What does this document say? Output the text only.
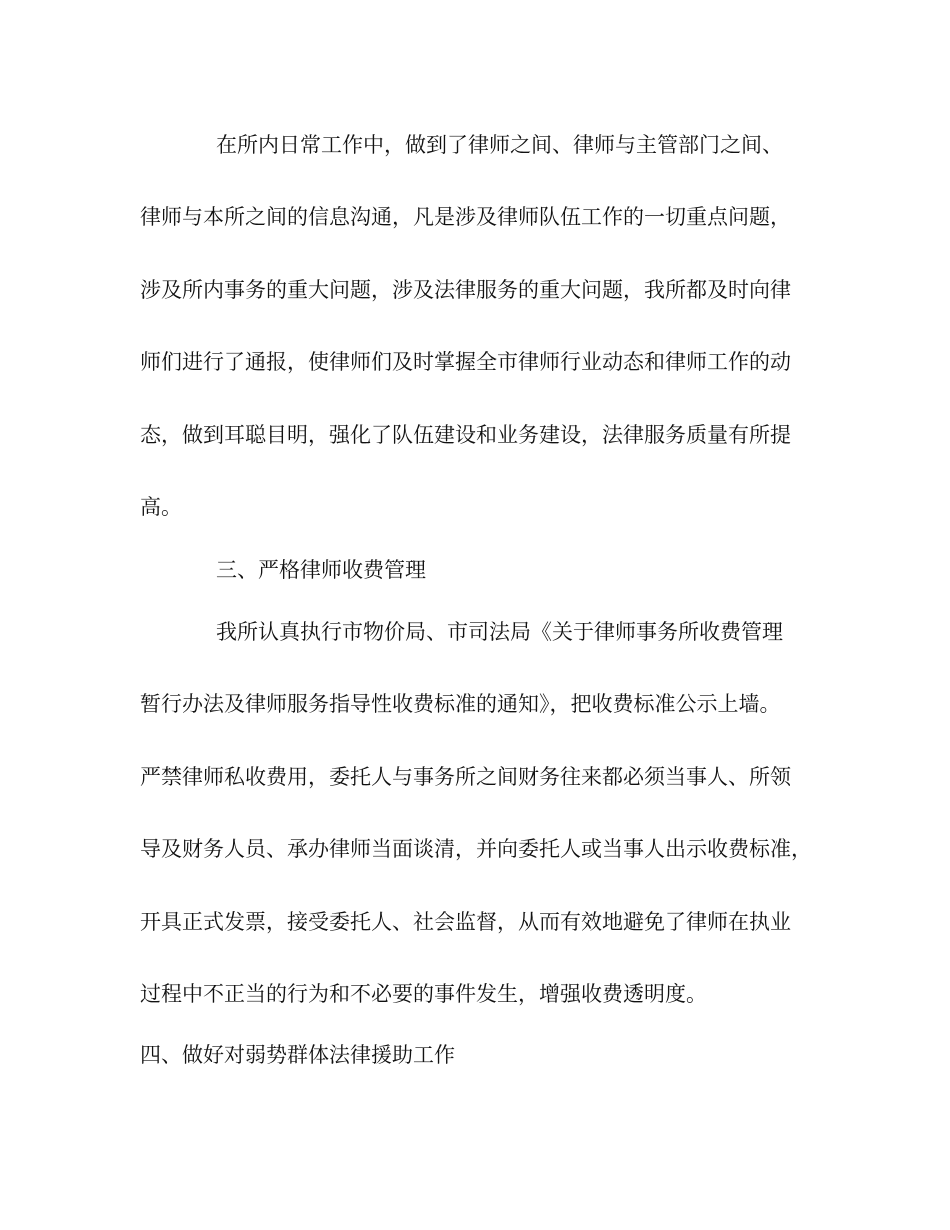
在所内日常工作中，做到了律师之间、律师与主管部门之间、

律师与本所之间的信息沟通，凡是涉及律师队伍工作的一切重点问题，

涉及所内事务的重大问题，涉及法律服务的重大问题，我所都及时向律

师们进行了通报，使律师们及时掌握全市律师行业动态和律师工作的动

态，做到耳聪目明，强化了队伍建设和业务建设，法律服务质量有所提

高。

三、严格律师收费管理

我所认真执行市物价局、市司法局《关于律师事务所收费管理

暂行办法及律师服务指导性收费标准的通知》，把收费标准公示上墙。

严禁律师私收费用，委托人与事务所之间财务往来都必须当事人、所领

导及财务人员、承办律师当面谈清，并向委托人或当事人出示收费标准，

开具正式发票，接受委托人、社会监督，从而有效地避免了律师在执业

过程中不正当的行为和不必要的事件发生，增强收费透明度。

四、做好对弱势群体法律援助工作
